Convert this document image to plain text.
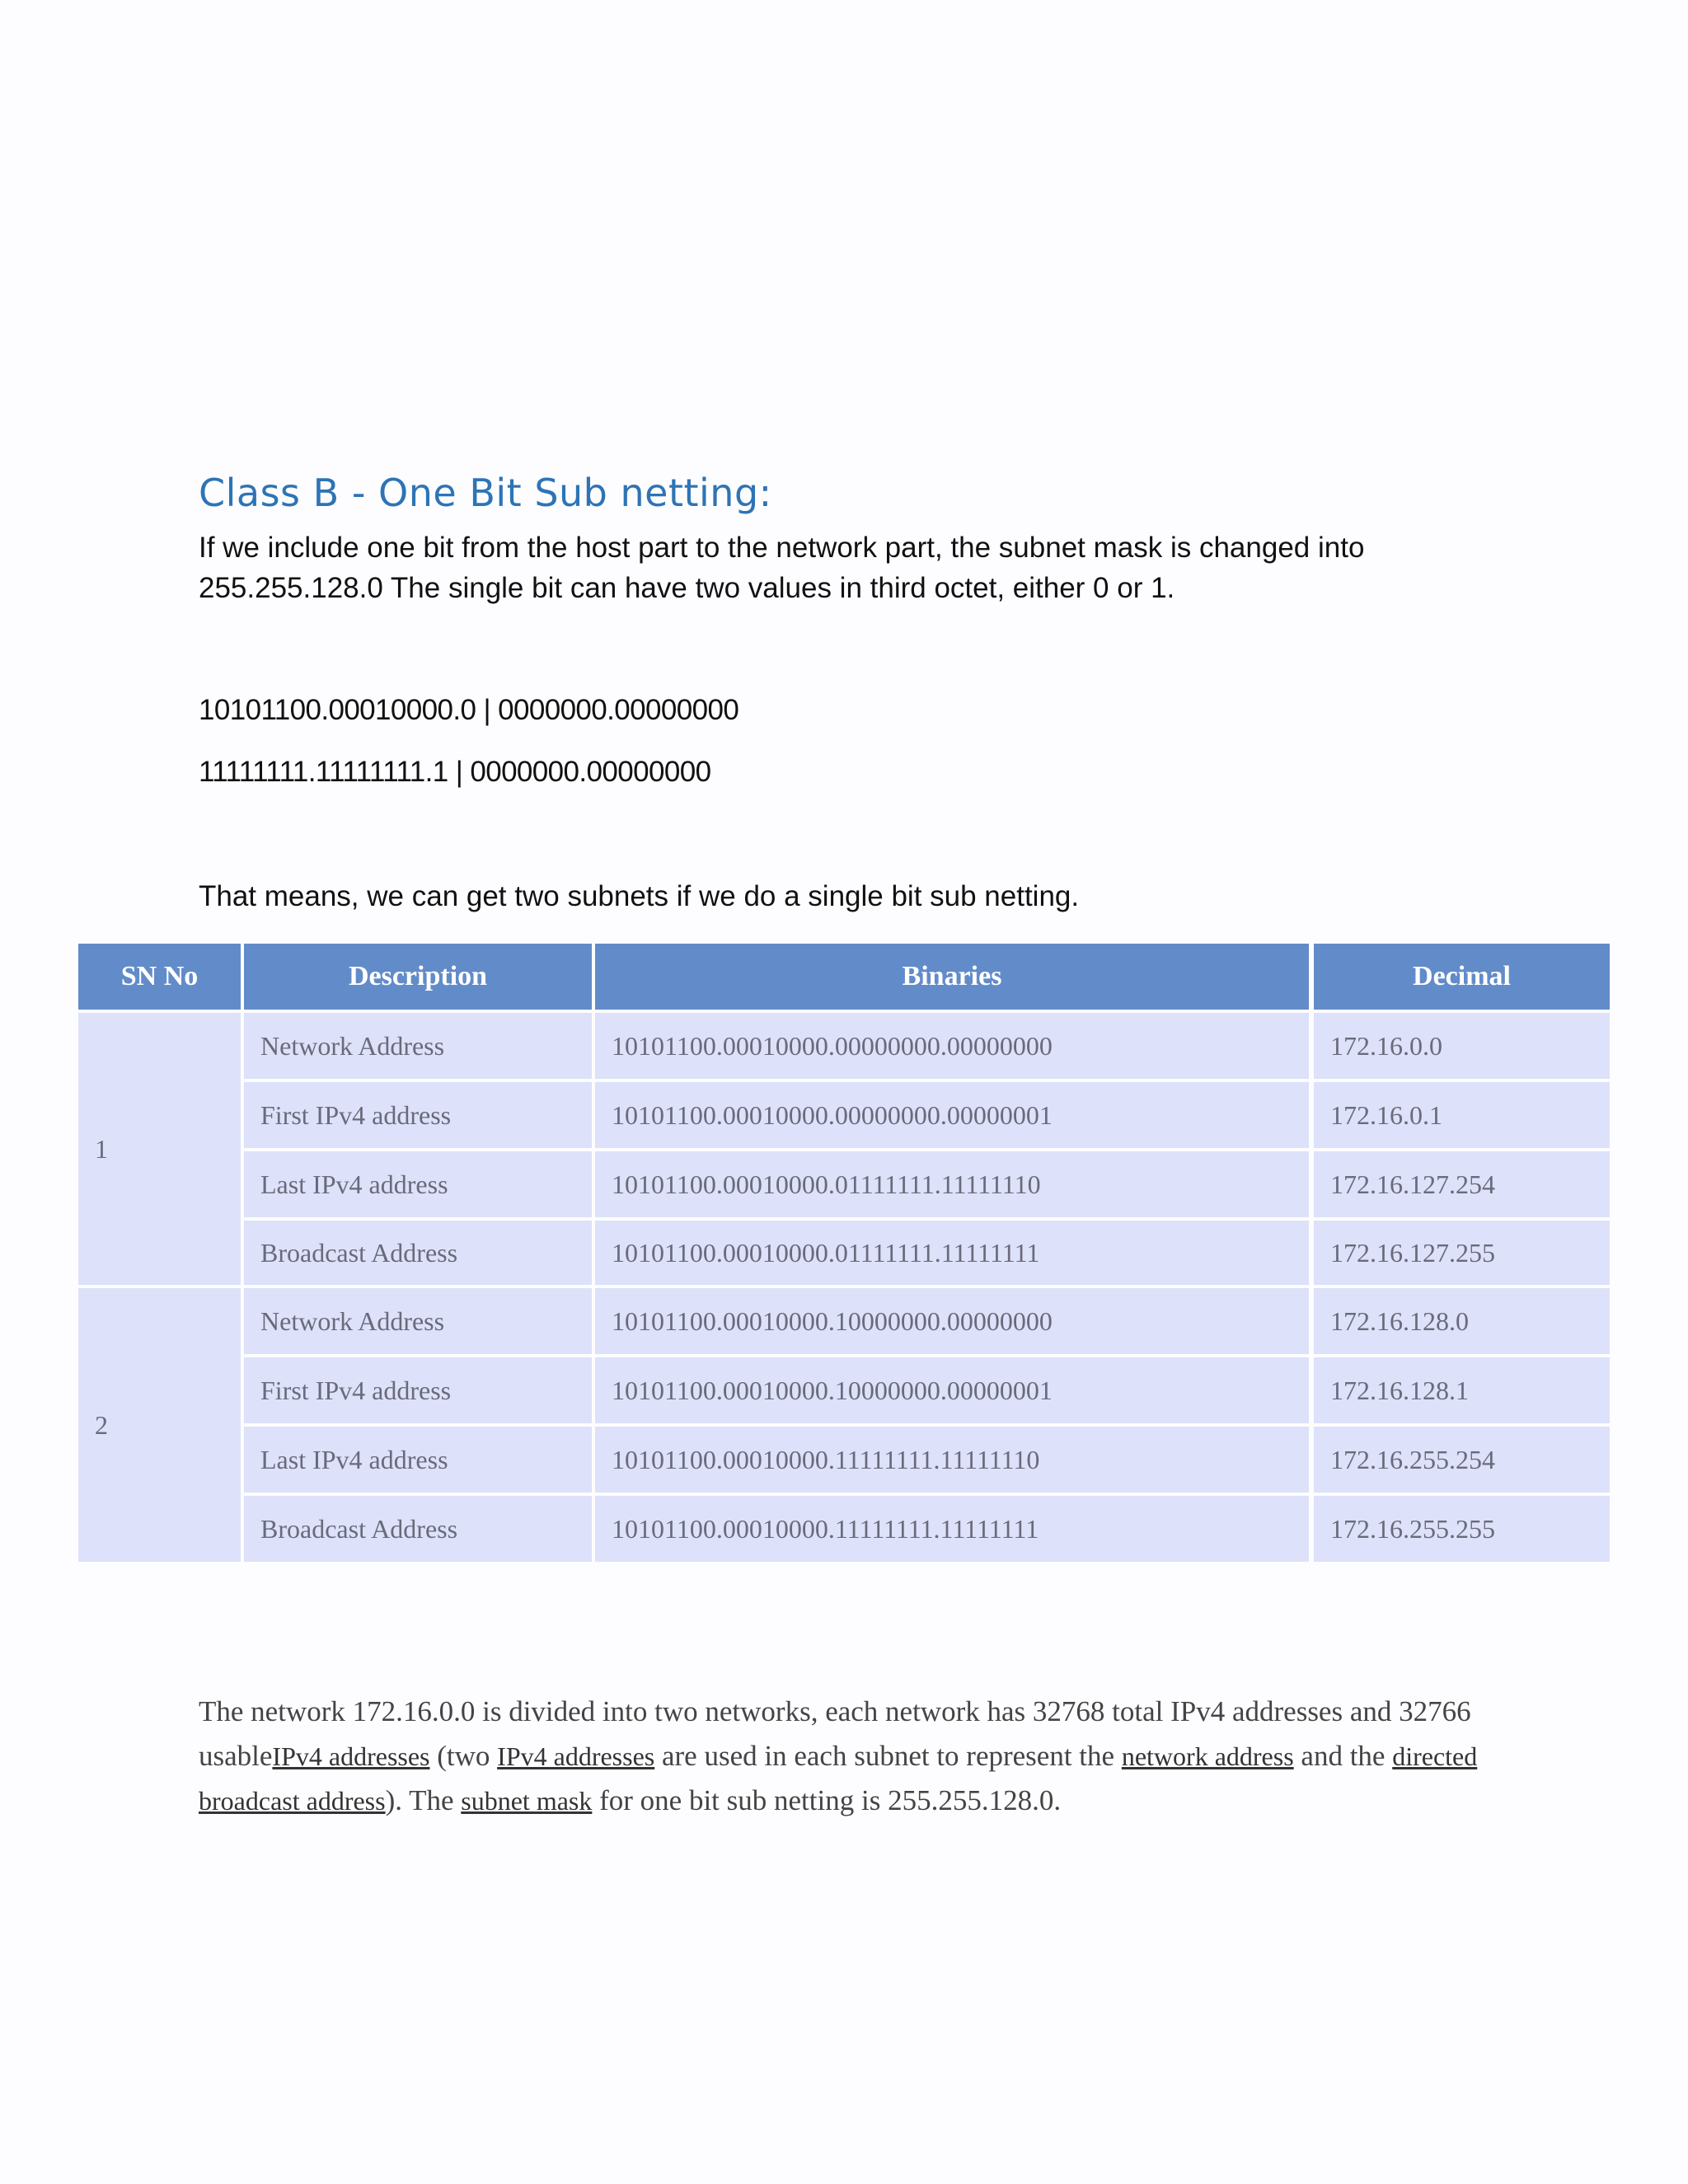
Class B - One Bit Sub netting:

If we include one bit from the host part to the network part, the subnet mask is changed into

255.255.128.0 The single bit can have two values in third octet, either 0 or 1.

10101100.00010000.0 | 0000000.00000000
11111111.11111111.1 | 0000000.00000000
That means, we can get two subnets if we do a single bit sub netting.
SN No	Description	Binaries	Decimal
1
Network Address	10101100.00010000.00000000.00000000	172.16.0.0
First IPv4 address	10101100.00010000.00000000.00000001	172.16.0.1
Last IPv4 address	10101100.00010000.01111111.11111110	172.16.127.254
Broadcast Address	10101100.00010000.01111111.11111111	172.16.127.255
2
Network Address	10101100.00010000.10000000.00000000	172.16.128.0
First IPv4 address	10101100.00010000.10000000.00000001	172.16.128.1
Last IPv4 address	10101100.00010000.11111111.11111110	172.16.255.254
Broadcast Address	10101100.00010000.11111111.11111111	172.16.255.255

The network 172.16.0.0 is divided into two networks, each network has 32768 total IPv4 addresses and 32766

usableIPv4 addresses (two IPv4 addresses are used in each subnet to represent the network address and the directed

broadcast address). The subnet mask for one bit sub netting is 255.255.128.0.
